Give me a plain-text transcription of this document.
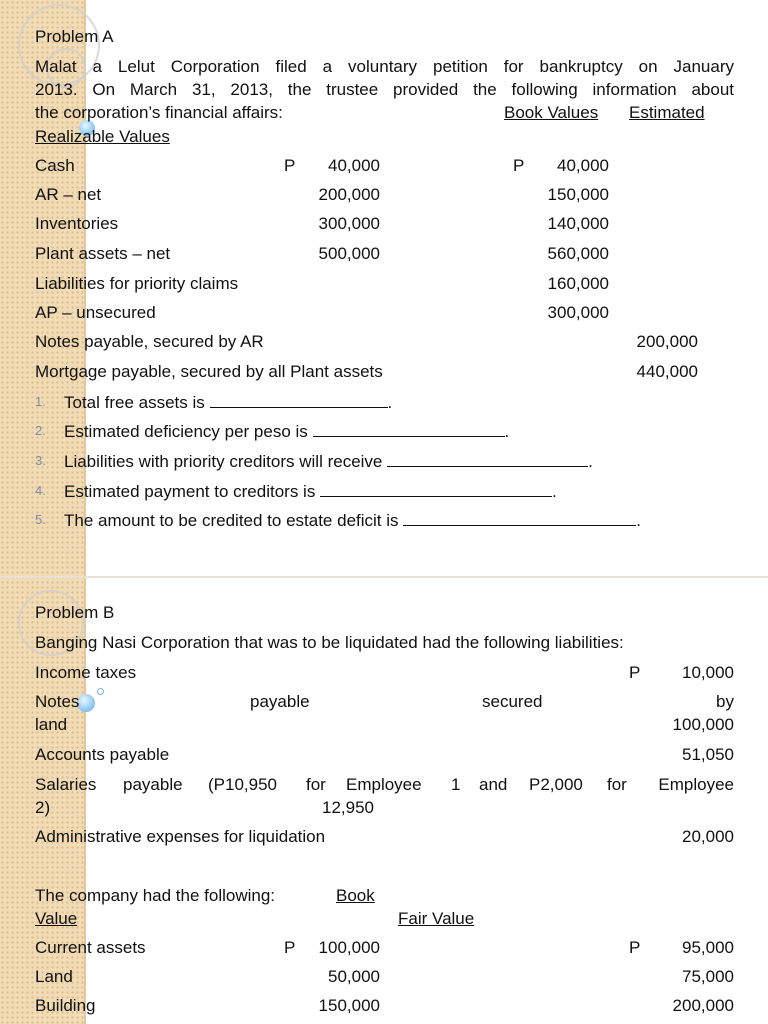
Problem A
Malat a Lelut Corporation filed a voluntary petition for bankruptcy on January
2013. On March 31, 2013, the trustee provided the following information about
the corporation’s financial affairs:	Book Values Estimated
Realizable Values
Cash	P	40,000	P	40,000
AR – net	200,000	150,000
Inventories	300,000	140,000
Plant assets – net	500,000	560,000
Liabilities for priority claims	160,000
AP – unsecured	300,000
Notes payable, secured by AR	200,000
Mortgage payable, secured by all Plant assets	440,000
1. Total free assets is	.
2. Estimated deficiency per peso is	.
3. Liabilities with priority creditors will receive	.
4. Estimated payment to creditors is	.
5. The amount to be credited to estate deficit is	.
Problem B
Banging Nasi Corporation that was to be liquidated had the following liabilities:
Income taxes	P	10,000
Notes	payable	secured	by
land	100,000
Accounts payable	51,050
Salaries payable (P10,950 for Employee 1 and P2,000 for	Employee
2)	12,950
Administrative expenses for liquidation	20,000
The company had the following:	Book
Value	Fair Value
Current assets	P	100,000	P	95,000
Land	50,000	75,000
Building	150,000	200,000
